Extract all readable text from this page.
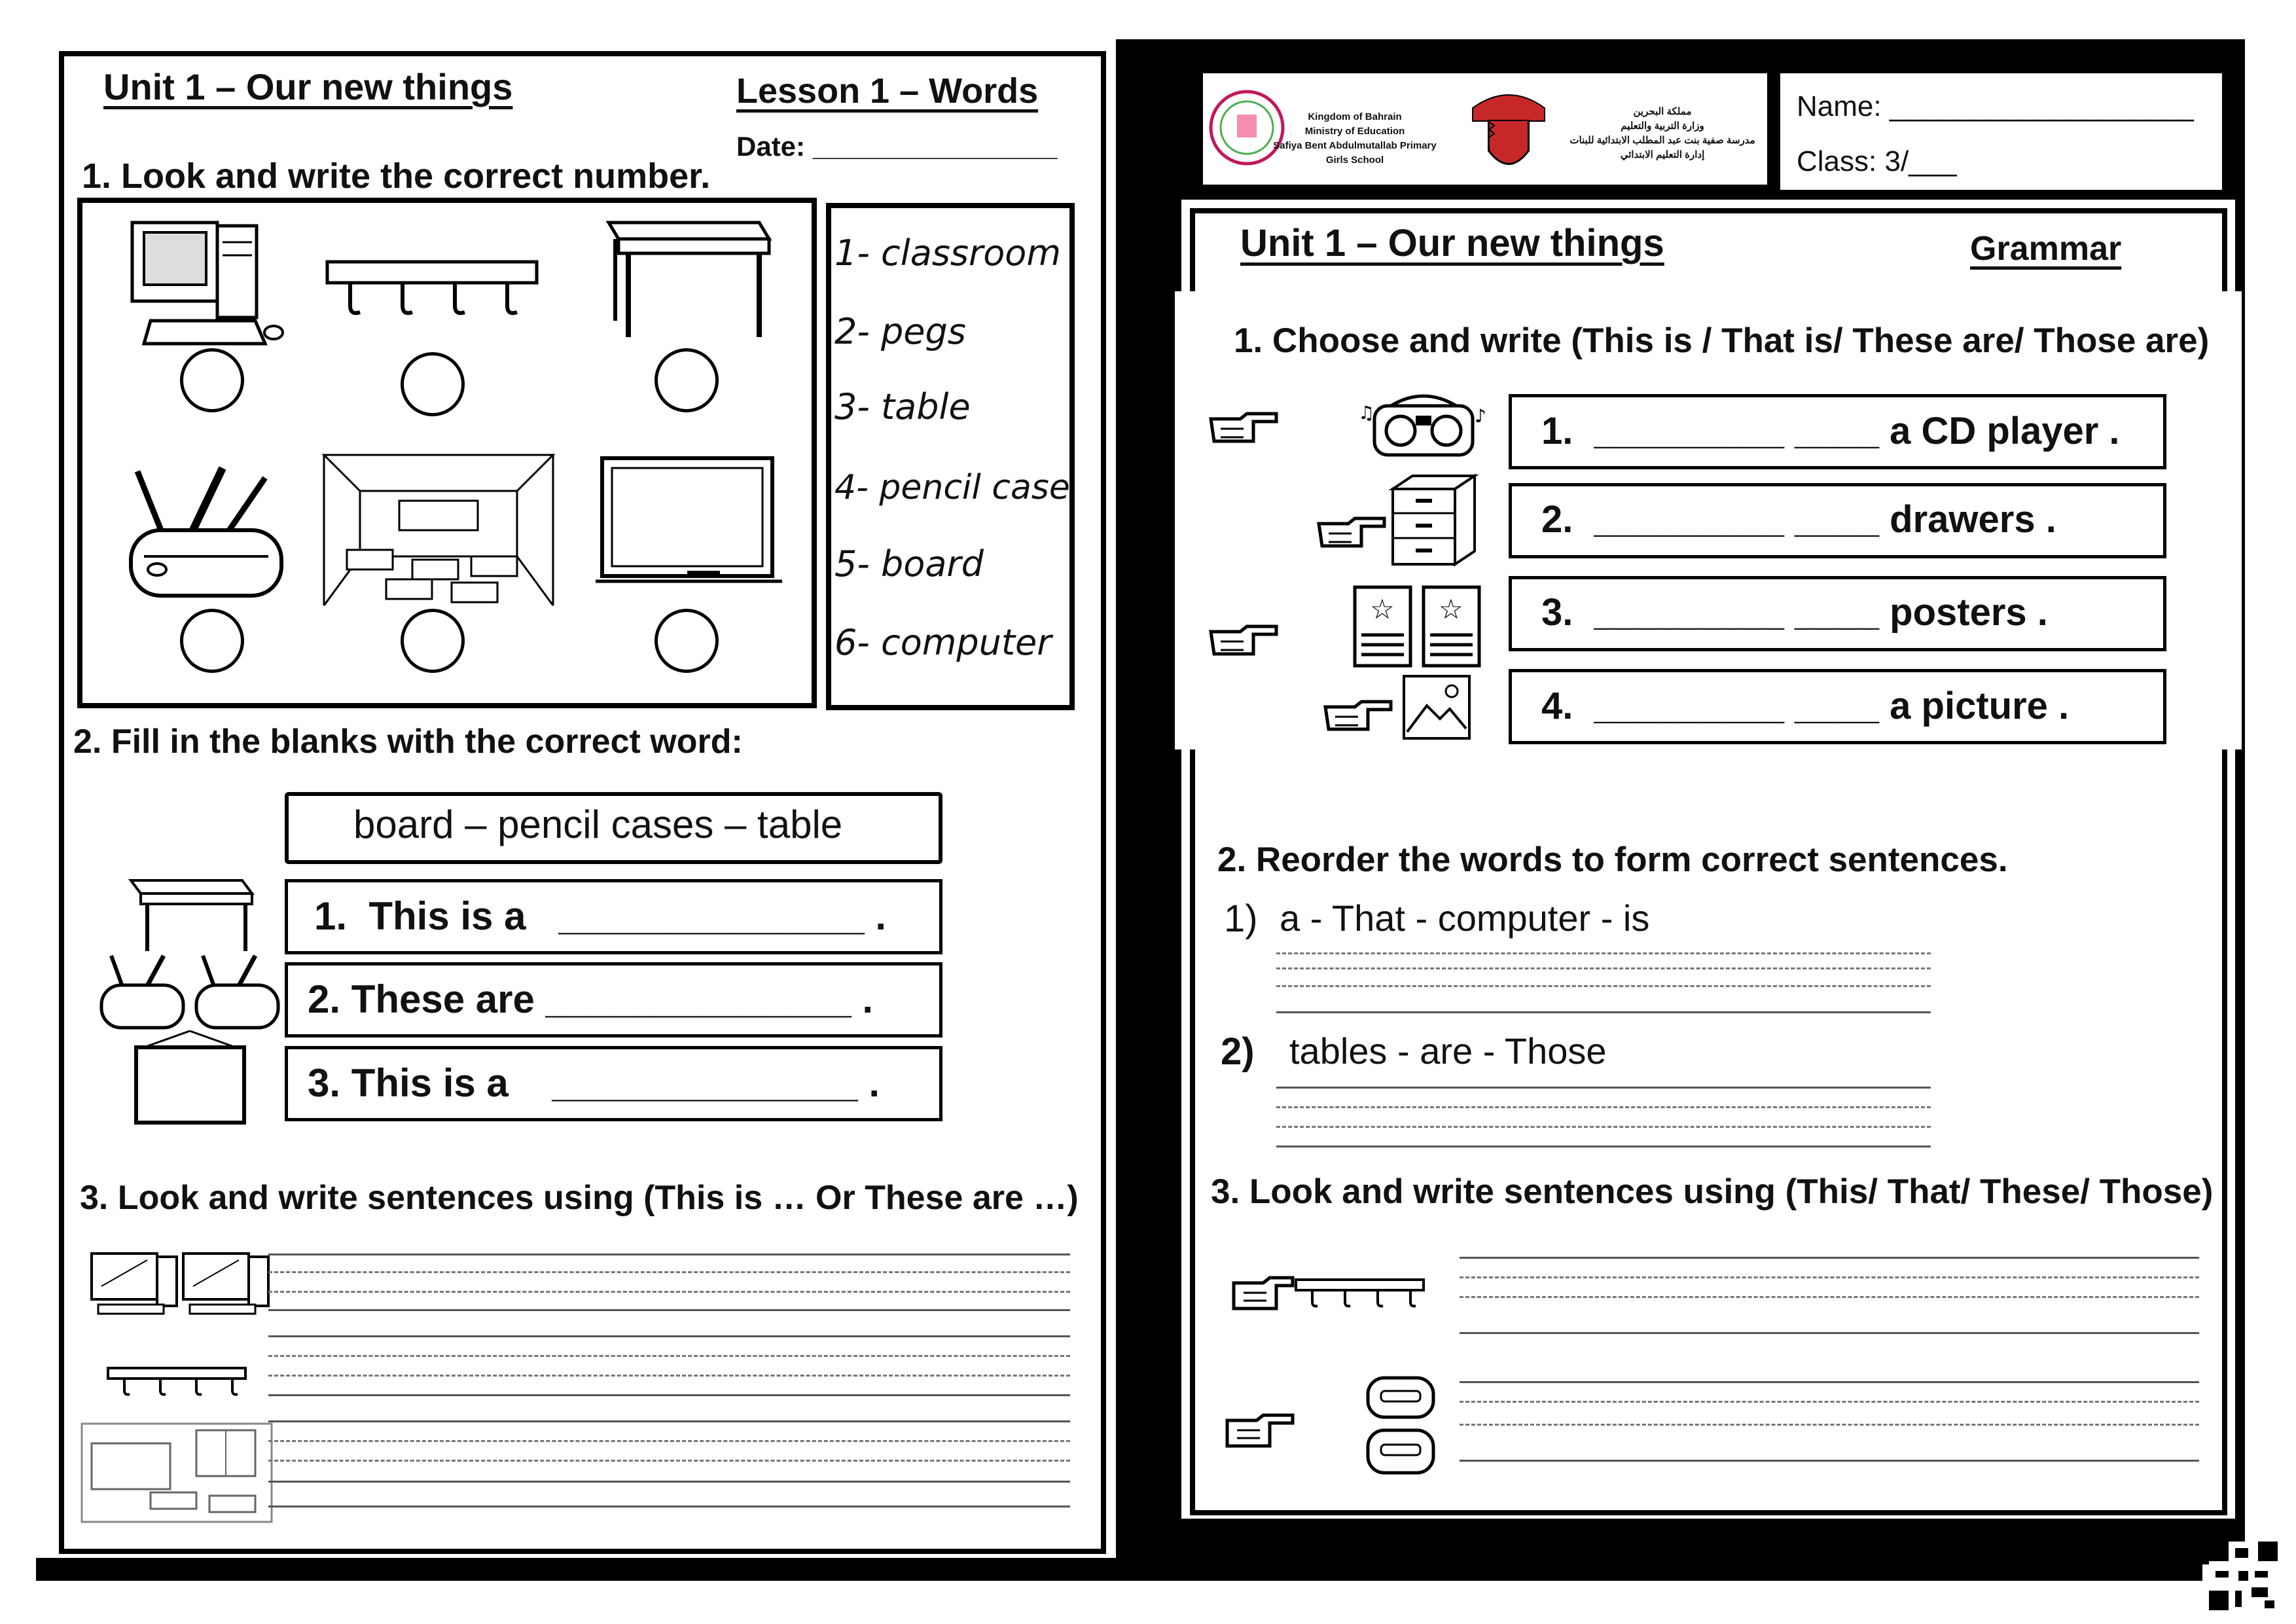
Unit 1 – Our new things	Lesson 1 – Words
Date: ________________
1. Look and write the correct number.
1- classroom
2- pegs
3- table
4- pencil case
5- board
6- computer
2. Fill in the blanks with the correct word:
board – pencil cases – table
1.  This is a   ______________ .
2. These are ______________ .
3. This is a    ______________ .
3. Look and write sentences using (This is … Or These are …)
Kingdom of Bahrain
Ministry of Education
Safiya Bent Abdulmutallab Primary
Girls School
مملكة البحرين
وزارة التربية والتعليم
مدرسة صفية بنت عبد المطلب الابتدائية للبنات
إدارة التعليم الابتدائي
Name: ___________________
Class: 3/___
Unit 1 – Our new things	Grammar
1. Choose and write (This is / That is/ These are/ Those are)
♫	♪
☆ ☆
1.  _________ ____ a CD player .
2.  _________ ____ drawers .
3.  _________ ____ posters .
4.  _________ ____ a picture .
2. Reorder the words to form correct sentences.
1) a - That - computer - is
2) tables - are - Those
3. Look and write sentences using (This/ That/ These/ Those)
